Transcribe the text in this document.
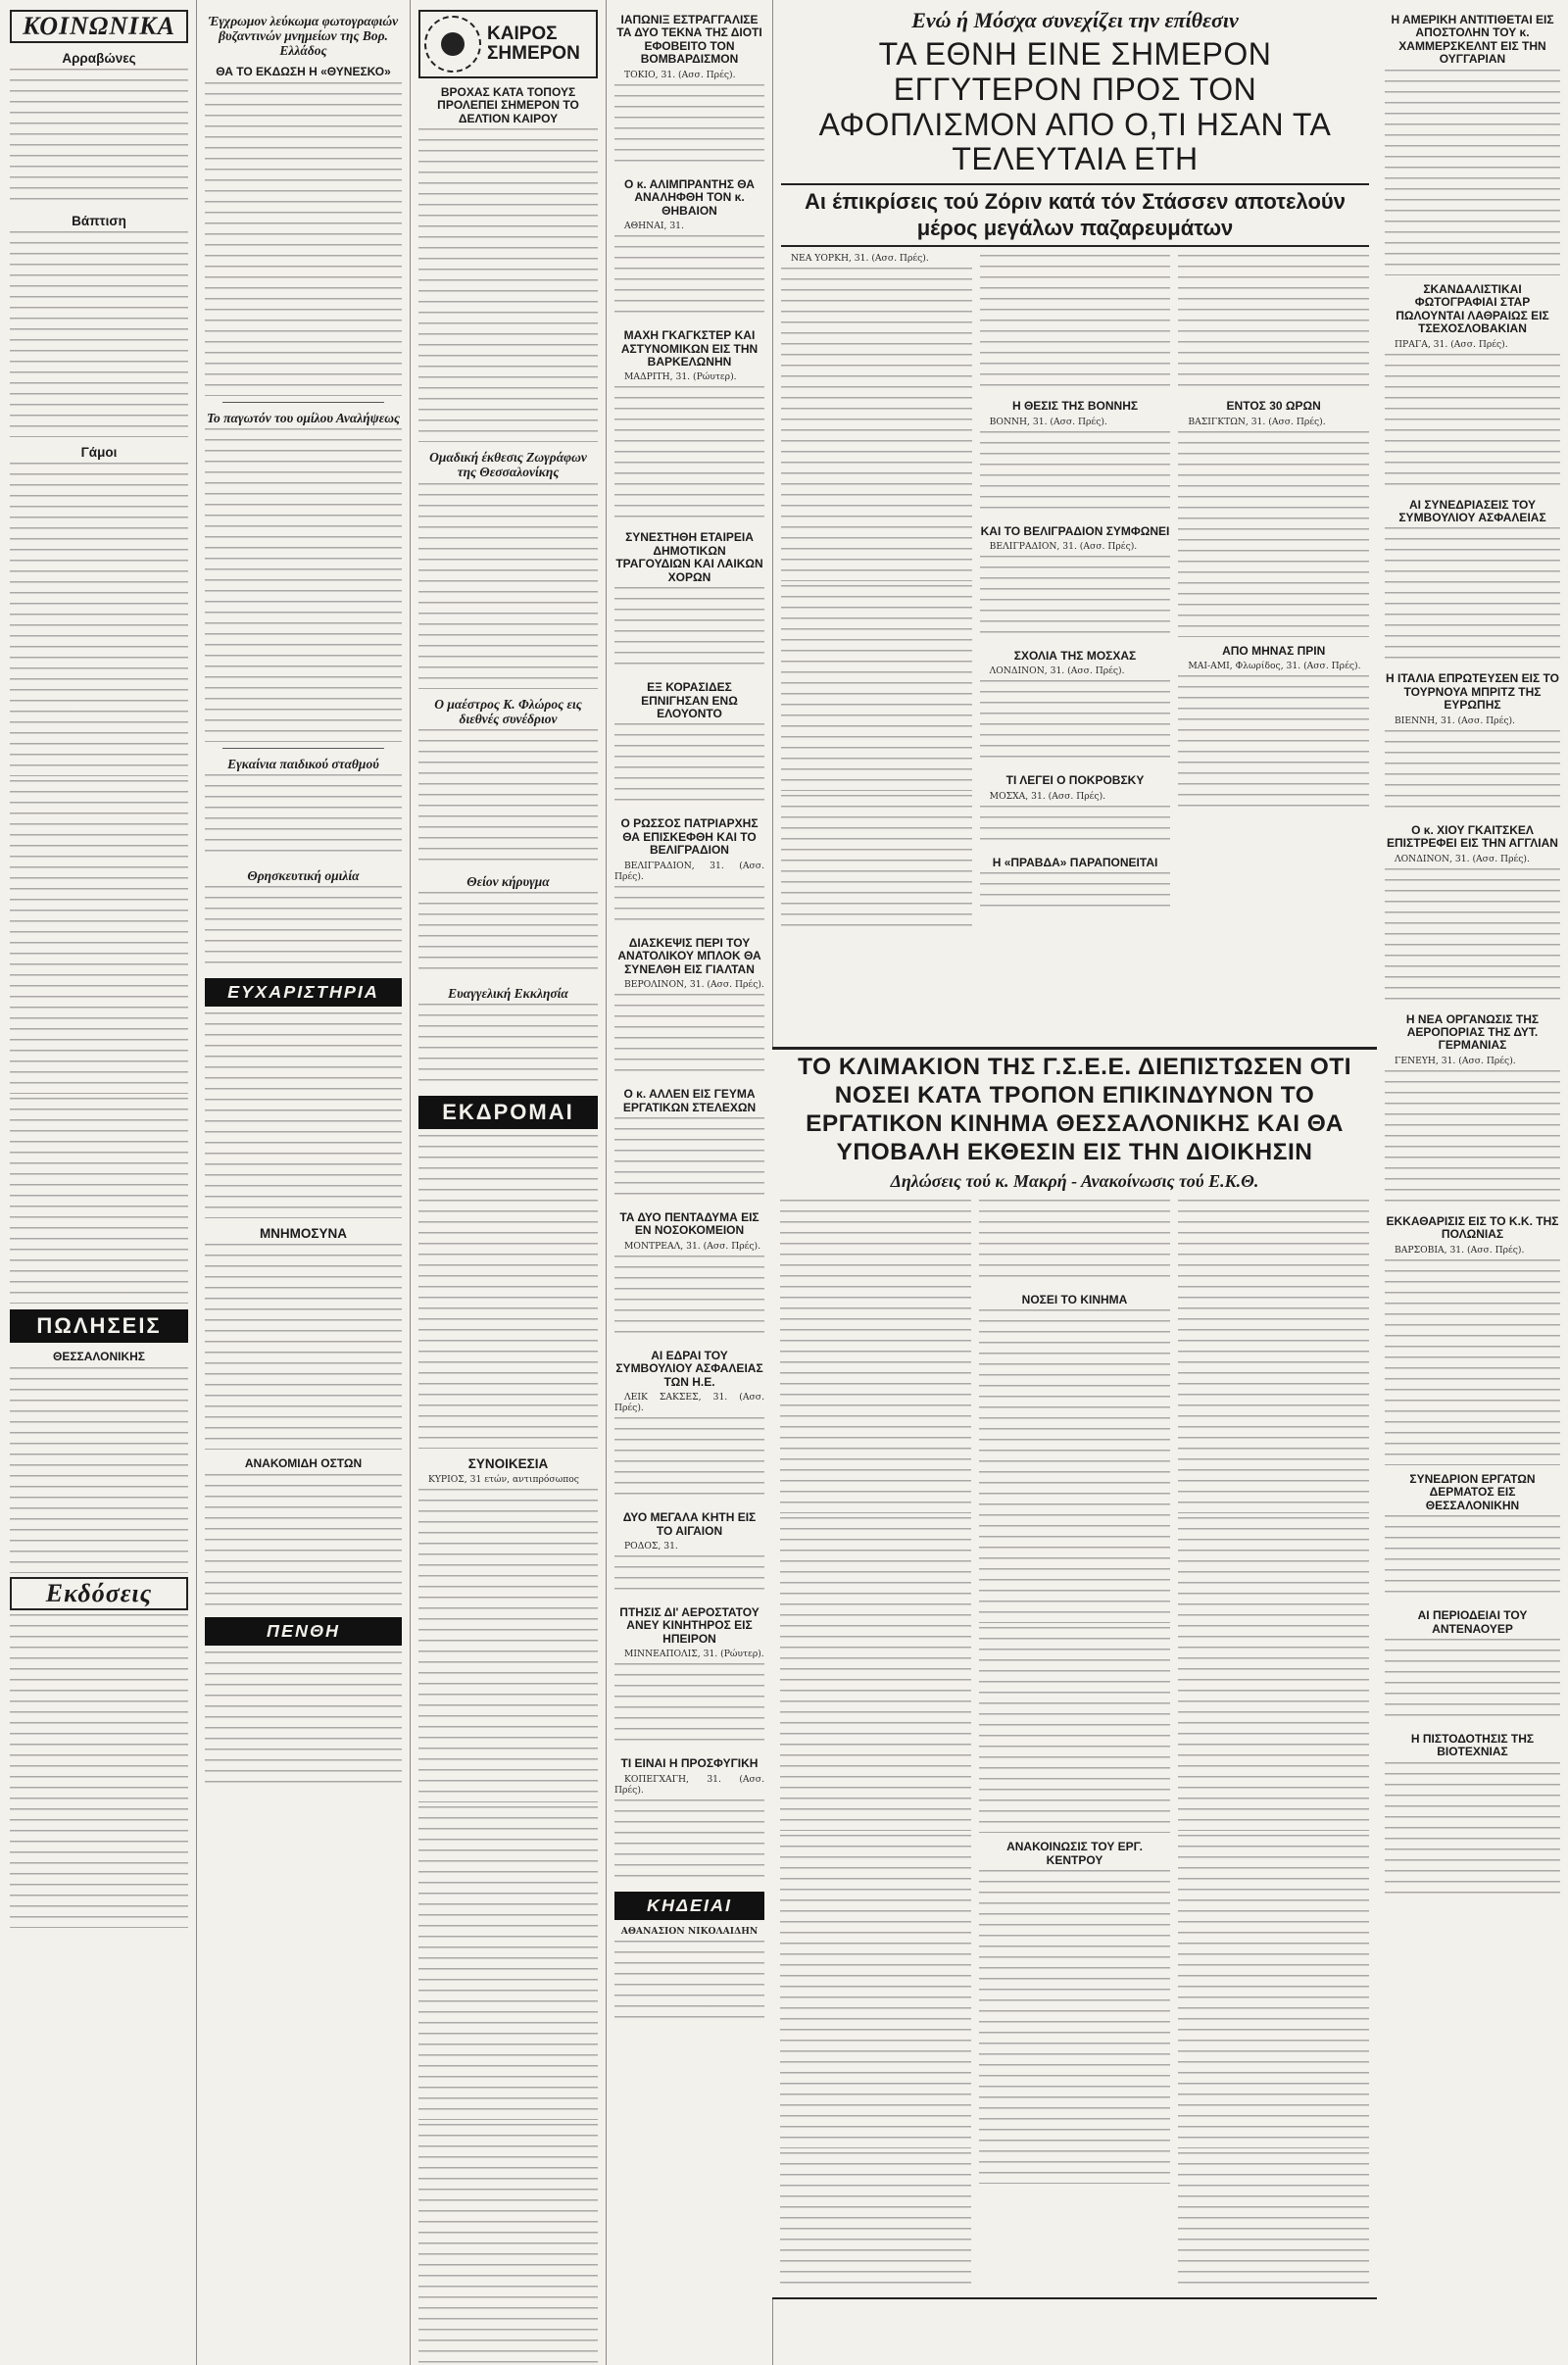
ΚΟΙΝΩΝΙΚΑ
Αρραβώνες
Βάπτιση
Γάμοι
ΠΩΛΗΣΕΙΣ
ΘΕΣΣΑΛΟΝΙΚΗΣ
Εκδόσεις
Έγχρωμον λεύκωμα φωτογραφιών βυζαντινών μνημείων της Βορ. Ελλάδος
ΘΑ ΤΟ ΕΚΔΩΣΗ Η «ΘΥΝΕΣΚΟ»
Το παγωτόν του ομίλου Αναλήψεως
Εγκαίνια παιδικού σταθμού
Θρησκευτική ομιλία
ΕΥΧΑΡΙΣΤΗΡΙΑ
ΜΝΗΜΟΣΥΝΑ
ΑΝΑΚΟΜΙΔΗ ΟΣΤΩΝ
ΠΕΝΘΗ
ΚΑΙΡΟΣ ΣΗΜΕΡΟΝ
ΒΡΟΧΑΣ ΚΑΤΑ ΤΟΠΟΥΣ ΠΡΟΛΕΠΕΙ ΣΗΜΕΡΟΝ ΤΟ ΔΕΛΤΙΟΝ ΚΑΙΡΟΥ
Ομαδική έκθεσις Ζωγράφων της Θεσσαλονίκης
Ο μαέστρος Κ. Φλώρος εις διεθνές συνέδριον
Θείον κήρυγμα
Ευαγγελική Εκκλησία
ΕΚΔΡΟΜΑΙ
ΣΥΝΟΙΚΕΣΙΑ
ΚΥΡΙΟΣ, 31 ετών, αντιπρόσωπος
ΙΑΠΩΝΙΞ ΕΣΤΡΑΓΓΑΛΙΣΕ ΤΑ ΔΥΟ ΤΕΚΝΑ ΤΗΣ ΔΙΟΤΙ ΕΦΟΒΕΙΤΟ ΤΟΝ ΒΟΜΒΑΡΔΙΣΜΟΝ
ΤΟΚΙΟ, 31. (Ασσ. Πρές).
Ο κ. ΑΛΙΜΠΡΑΝΤΗΣ ΘΑ ΑΝΑΛΗΦΘΗ ΤΟΝ κ. ΘΗΒΑΙΟΝ
ΑΘΗΝΑΙ, 31.
ΜΑΧΗ ΓΚΑΓΚΣΤΕΡ ΚΑΙ ΑΣΤΥΝΟΜΙΚΩΝ ΕΙΣ ΤΗΝ ΒΑΡΚΕΛΩΝΗΝ
ΜΑΔΡΙΤΗ, 31. (Ρώυτερ).
ΣΥΝΕΣΤΗΘΗ ΕΤΑΙΡΕΙΑ ΔΗΜΟΤΙΚΩΝ ΤΡΑΓΟΥΔΙΩΝ ΚΑΙ ΛΑΙΚΩΝ ΧΟΡΩΝ
ΕΞ ΚΟΡΑΣΙΔΕΣ ΕΠΝΙΓΗΣΑΝ ΕΝΩ ΕΛΟΥΟΝΤΟ
Ο ΡΩΣΣΟΣ ΠΑΤΡΙΑΡΧΗΣ ΘΑ ΕΠΙΣΚΕΦΘΗ ΚΑΙ ΤΟ ΒΕΛΙΓΡΑΔΙΟΝ
ΒΕΛΙΓΡΑΔΙΟΝ, 31. (Ασσ. Πρές).
ΔΙΑΣΚΕΨΙΣ ΠΕΡΙ ΤΟΥ ΑΝΑΤΟΛΙΚΟΥ ΜΠΛΟΚ ΘΑ ΣΥΝΕΛΘΗ ΕΙΣ ΓΙΑΛΤΑΝ
ΒΕΡΟΛΙΝΟΝ, 31. (Ασσ. Πρές).
Ο κ. ΑΛΛΕΝ ΕΙΣ ΓΕΥΜΑ ΕΡΓΑΤΙΚΩΝ ΣΤΕΛΕΧΩΝ
ΤΑ ΔΥΟ ΠΕΝΤΑΔΥΜΑ ΕΙΣ ΕΝ ΝΟΣΟΚΟΜΕΙΟΝ
ΜΟΝΤΡΕΑΛ, 31. (Ασσ. Πρές).
ΑΙ ΕΔΡΑΙ ΤΟΥ ΣΥΜΒΟΥΛΙΟΥ ΑΣΦΑΛΕΙΑΣ ΤΩΝ Η.Ε.
ΛΕΙΚ ΣΑΚΣΕΣ, 31. (Ασσ. Πρές).
ΔΥΟ ΜΕΓΑΛΑ ΚΗΤΗ ΕΙΣ ΤΟ ΑΙΓΑΙΟΝ
ΡΟΔΟΣ, 31.
ΠΤΗΣΙΣ ΔΙ' ΑΕΡΟΣΤΑΤΟΥ ΑΝΕΥ ΚΙΝΗΤΗΡΟΣ ΕΙΣ ΗΠΕΙΡΟΝ
ΜΙΝΝΕΑΠΟΛΙΣ, 31. (Ρώυτερ).
ΤΙ ΕΙΝΑΙ Η ΠΡΟΣΦΥΓΙΚΗ
ΚΟΠΕΓΧΑΓΗ, 31. (Ασσ. Πρές).
ΚΗΔΕΙΑΙ
ΑΘΑΝΑΣΙΟΝ ΝΙΚΟΛΑΙΔΗΝ
Ενώ ή Μόσχα συνεχίζει την επίθεσιν
ΤΑ ΕΘΝΗ ΕΙΝΕ ΣΗΜΕΡΟΝ ΕΓΓΥΤΕΡΟΝ ΠΡΟΣ ΤΟΝ ΑΦΟΠΛΙΣΜΟΝ ΑΠΟ Ο,ΤΙ ΗΣΑΝ ΤΑ ΤΕΛΕΥΤΑΙΑ ΕΤΗ
Αι έπικρίσεις τού Ζόριν κατά τόν Στάσσεν αποτελούν μέρος μεγάλων παζαρευμάτων
ΝΕΑ ΥΟΡΚΗ, 31. (Ασσ. Πρές).
Η ΘΕΣΙΣ ΤΗΣ ΒΟΝΝΗΣ
ΒΟΝΝΗ, 31. (Ασσ. Πρές).
ΚΑΙ ΤΟ ΒΕΛΙΓΡΑΔΙΟΝ ΣΥΜΦΩΝΕΙ
ΒΕΛΙΓΡΑΔΙΟΝ, 31. (Ασσ. Πρές).
ΣΧΟΛΙΑ ΤΗΣ ΜΟΣΧΑΣ
ΛΟΝΔΙΝΟΝ, 31. (Ασσ. Πρές).
ΤΙ ΛΕΓΕΙ Ο ΠΟΚΡΟΒΣΚΥ
ΜΟΣΧΑ, 31. (Ασσ. Πρές).
Η «ΠΡΑΒΔΑ» ΠΑΡΑΠΟΝΕΙΤΑΙ
ΕΝΤΟΣ 30 ΩΡΩΝ
ΒΑΣΙΓΚΤΩΝ, 31. (Ασσ. Πρές).
ΑΠΟ ΜΗΝΑΣ ΠΡΙΝ
ΜΑΙ-ΑΜΙ, Φλωρίδος, 31. (Ασσ. Πρές).
ΤΟ ΚΛΙΜΑΚΙΟΝ ΤΗΣ Γ.Σ.Ε.Ε. ΔΙΕΠΙΣΤΩΣΕΝ ΟΤΙ ΝΟΣΕΙ ΚΑΤΑ ΤΡΟΠΟΝ ΕΠΙΚΙΝΔΥΝΟΝ ΤΟ ΕΡΓΑΤΙΚΟΝ ΚΙΝΗΜΑ ΘΕΣΣΑΛΟΝΙΚΗΣ ΚΑΙ ΘΑ ΥΠΟΒΑΛΗ ΕΚΘΕΣΙΝ ΕΙΣ ΤΗΝ ΔΙΟΙΚΗΣΙΝ
Δηλώσεις τού κ. Μακρή - Ανακοίνωσις τού Ε.Κ.Θ.
ΝΟΣΕΙ ΤΟ ΚΙΝΗΜΑ
ΑΝΑΚΟΙΝΩΣΙΣ ΤΟΥ ΕΡΓ. ΚΕΝΤΡΟΥ
Η ΑΜΕΡΙΚΗ ΑΝΤΙΤΙΘΕΤΑΙ ΕΙΣ ΑΠΟΣΤΟΛΗΝ ΤΟΥ κ. ΧΑΜΜΕΡΣΚΕΛΝΤ ΕΙΣ ΤΗΝ ΟΥΓΓΑΡΙΑΝ
ΣΚΑΝΔΑΛΙΣΤΙΚΑΙ ΦΩΤΟΓΡΑΦΙΑΙ ΣΤΑΡ ΠΩΛΟΥΝΤΑΙ ΛΑΘΡΑΙΩΣ ΕΙΣ ΤΣΕΧΟΣΛΟΒΑΚΙΑΝ
ΠΡΑΓΑ, 31. (Ασσ. Πρές).
ΑΙ ΣΥΝΕΔΡΙΑΣΕΙΣ ΤΟΥ ΣΥΜΒΟΥΛΙΟΥ ΑΣΦΑΛΕΙΑΣ
Η ΙΤΑΛΙΑ ΕΠΡΩΤΕΥΣΕΝ ΕΙΣ ΤΟ ΤΟΥΡΝΟΥΑ ΜΠΡΙΤΖ ΤΗΣ ΕΥΡΩΠΗΣ
ΒΙΕΝΝΗ, 31. (Ασσ. Πρές).
Ο κ. ΧΙΟΥ ΓΚΑΙΤΣΚΕΛ ΕΠΙΣΤΡΕΦΕΙ ΕΙΣ ΤΗΝ ΑΓΓΛΙΑΝ
ΛΟΝΔΙΝΟΝ, 31. (Ασσ. Πρές).
Η ΝΕΑ ΟΡΓΑΝΩΣΙΣ ΤΗΣ ΑΕΡΟΠΟΡΙΑΣ ΤΗΣ ΔΥΤ. ΓΕΡΜΑΝΙΑΣ
ΓΕΝΕΥΗ, 31. (Ασσ. Πρές).
ΕΚΚΑΘΑΡΙΣΙΣ ΕΙΣ ΤΟ Κ.Κ. ΤΗΣ ΠΟΛΩΝΙΑΣ
ΒΑΡΣΟΒΙΑ, 31. (Ασσ. Πρές).
ΣΥΝΕΔΡΙΟΝ ΕΡΓΑΤΩΝ ΔΕΡΜΑΤΟΣ ΕΙΣ ΘΕΣΣΑΛΟΝΙΚΗΝ
ΑΙ ΠΕΡΙΟΔΕΙΑΙ ΤΟΥ ΑΝΤΕΝΑΟΥΕΡ
Η ΠΙΣΤΟΔΟΤΗΣΙΣ ΤΗΣ ΒΙΟΤΕΧΝΙΑΣ
